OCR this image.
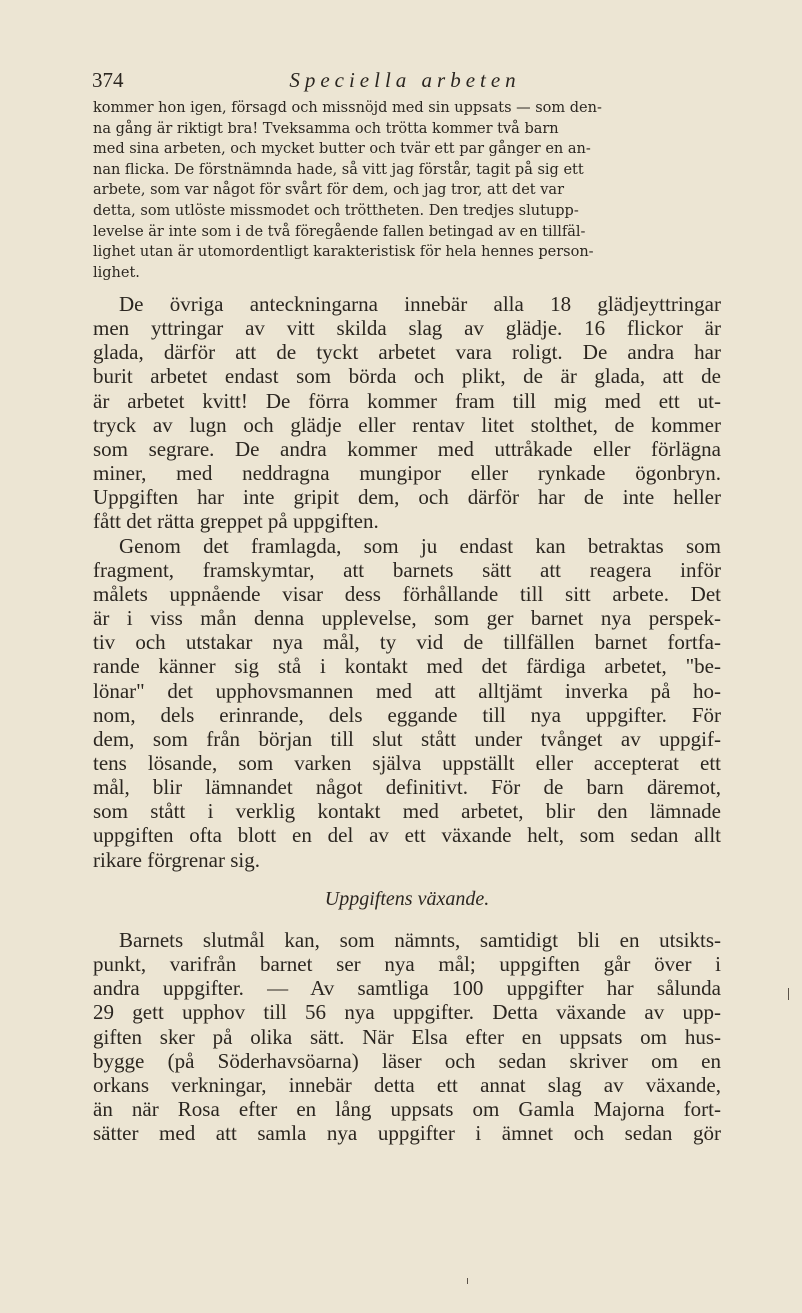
374	Speciella arbeten
kommer hon igen, försagd och missnöjd med sin uppsats — som den-
na gång är riktigt bra! Tveksamma och trötta kommer två barn
med sina arbeten, och mycket butter och tvär ett par gånger en an-
nan flicka. De förstnämnda hade, så vitt jag förstår, tagit på sig ett
arbete, som var något för svårt för dem, och jag tror, att det var
detta, som utlöste missmodet och tröttheten. Den tredjes slutupp-
levelse är inte som i de två föregående fallen betingad av en tillfäl-
lighet utan är utomordentligt karakteristisk för hela hennes person-
lighet.
De övriga anteckningarna innebär alla 18 glädjeyttringar
men yttringar av vitt skilda slag av glädje. 16 flickor är
glada, därför att de tyckt arbetet vara roligt. De andra har
burit arbetet endast som börda och plikt, de är glada, att de
är arbetet kvitt! De förra kommer fram till mig med ett ut-
tryck av lugn och glädje eller rentav litet stolthet, de kommer
som segrare. De andra kommer med uttråkade eller förlägna
miner, med neddragna mungipor eller rynkade ögonbryn.
Uppgiften har inte gripit dem, och därför har de inte heller
fått det rätta greppet på uppgiften.
Genom det framlagda, som ju endast kan betraktas som
fragment, framskymtar, att barnets sätt att reagera inför
målets uppnående visar dess förhållande till sitt arbete. Det
är i viss mån denna upplevelse, som ger barnet nya perspek-
tiv och utstakar nya mål, ty vid de tillfällen barnet fortfa-
rande känner sig stå i kontakt med det färdiga arbetet, "be-
lönar" det upphovsmannen med att alltjämt inverka på ho-
nom, dels erinrande, dels eggande till nya uppgifter. För
dem, som från början till slut stått under tvånget av uppgif-
tens lösande, som varken själva uppställt eller accepterat ett
mål, blir lämnandet något definitivt. För de barn däremot,
som stått i verklig kontakt med arbetet, blir den lämnade
uppgiften ofta blott en del av ett växande helt, som sedan allt
rikare förgrenar sig.
Uppgiftens växande.
Barnets slutmål kan, som nämnts, samtidigt bli en utsikts-
punkt, varifrån barnet ser nya mål; uppgiften går över i
andra uppgifter. — Av samtliga 100 uppgifter har sålunda
29 gett upphov till 56 nya uppgifter. Detta växande av upp-
giften sker på olika sätt. När Elsa efter en uppsats om hus-
bygge (på Söderhavsöarna) läser och sedan skriver om en
orkans verkningar, innebär detta ett annat slag av växande,
än när Rosa efter en lång uppsats om Gamla Majorna fort-
sätter med att samla nya uppgifter i ämnet och sedan gör
